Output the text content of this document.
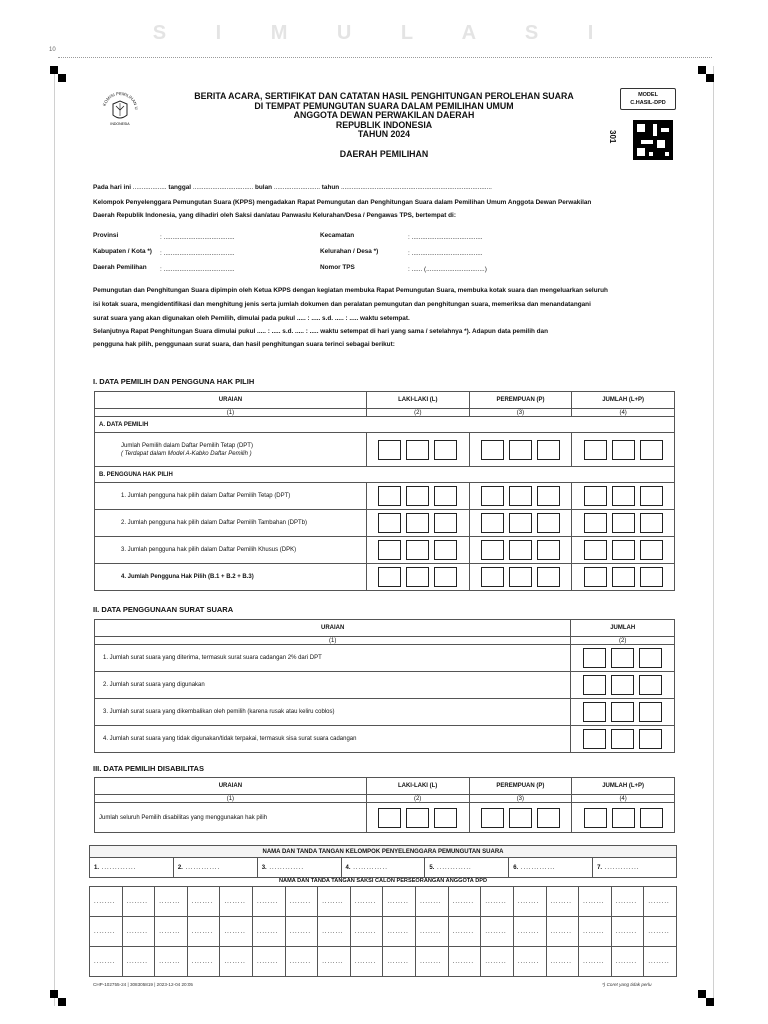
S I M U L A S I
10
KOMISI PEMILIHAN U
INDONESIA
BERITA ACARA, SERTIFIKAT DAN CATATAN HASIL PENGHITUNGAN PEROLEHAN SUARA
DI TEMPAT PEMUNGUTAN SUARA DALAM PEMILIHAN UMUM
ANGGOTA DEWAN PERWAKILAN DAERAH
REPUBLIK INDONESIA
TAHUN 2024
DAERAH PEMILIHAN
MODEL
C.HASIL-DPD
301
Pada hari ini ................... tanggal .................................. bulan .......................... tahun .....................................................................................
Kelompok Penyelenggara Pemungutan Suara (KPPS) mengadakan Rapat Pemungutan dan Penghitungan Suara dalam Pemilihan Umum Anggota Dewan Perwakilan
Daerah Republik Indonesia, yang dihadiri oleh Saksi dan/atau Panwaslu Kelurahan/Desa / Pengawas TPS, bertempat di:
Provinsi	: ........................................
Kabupaten / Kota *) : ........................................
Daerah Pemilihan : ........................................
Kecamatan	: ........................................
Kelurahan / Desa *)	: ........................................
Nomor TPS	: ...... (.................................)
Pemungutan dan Penghitungan Suara dipimpin oleh Ketua KPPS dengan kegiatan membuka Rapat Pemungutan Suara, membuka kotak suara dan mengeluarkan seluruh
isi kotak suara, mengidentifikasi dan menghitung jenis serta jumlah dokumen dan peralatan pemungutan dan penghitungan suara, memeriksa dan menandatangani
surat suara yang akan digunakan oleh Pemilih, dimulai pada pukul ..... : ..... s.d. ..... : ..... waktu setempat.
Selanjutnya Rapat Penghitungan Suara dimulai pukul ..... : ..... s.d. ..... : ..... waktu setempat di hari yang sama / setelahnya *). Adapun data pemilih dan
pengguna hak pilih, penggunaan surat suara, dan hasil penghitungan suara terinci sebagai berikut:
I. DATA PEMILIH DAN PENGGUNA HAK PILIH
URAIAN	LAKI-LAKI (L)	PEREMPUAN (P)	JUMLAH (L+P)
(1)	(2)	(3)	(4)
A. DATA PEMILIH			

Jumlah Pemilih dalam Daftar Pemilih Tetap (DPT)
( Terdapat dalam Model A-Kabko Daftar Pemilih )			

B. PENGGUNA HAK PILIH			
1. Jumlah pengguna hak pilih dalam Daftar Pemilih Tetap (DPT)	

2. Jumlah pengguna hak pilih dalam Daftar Pemilih Tambahan (DPTb)	

3. Jumlah pengguna hak pilih dalam Daftar Pemilih Khusus (DPK)	

4. Jumlah Pengguna Hak Pilih (B.1 + B.2 + B.3)	

II. DATA PENGGUNAAN SURAT SUARA
URAIAN	JUMLAH
(1)	(2)
1. Jumlah surat suara yang diterima, termasuk surat suara cadangan 2% dari DPT	

2. Jumlah surat suara yang digunakan	

3. Jumlah surat suara yang dikembalikan oleh pemilih (karena rusak atau keliru coblos)	

4. Jumlah surat suara yang tidak digunakan/tidak terpakai, termasuk sisa surat suara cadangan	
III. DATA PEMILIH DISABILITAS
URAIAN	LAKI-LAKI (L)	PEREMPUAN (P)	JUMLAH (L+P)
(1)	(2)	(3)	(4)
Jumlah seluruh Pemilih disabilitas yang menggunakan hak pilih	

NAMA DAN TANDA TANGAN KELOMPOK PENYELENGGARA PEMUNGUTAN SUARA
1. .............	2. .............	3. .............	4. .............	5. .............	6. .............	7. .............
NAMA DAN TANDA TANGAN SAKSI CALON PERSEORANGAN ANGGOTA DPD
........	........	........	........	........	........	........	........	........	........	........	........	........	........	........	........	........	........
........	........	........	........	........	........	........	........	........	........	........	........	........	........	........	........	........	........
........	........	........	........	........	........	........	........	........	........	........	........	........	........	........	........	........	........
CHP-102755-24 | 308305819 | 2023-12-04 20:05	*) Coret yang tidak perlu
